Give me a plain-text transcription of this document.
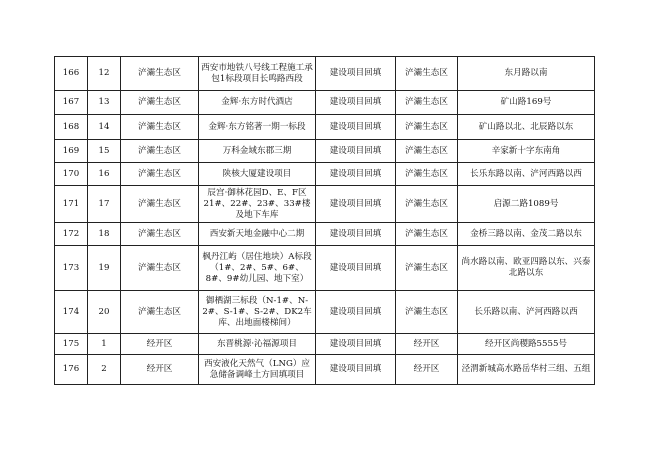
166	12	浐灞生态区	西安市地铁八号线工程施工承包1标段项目长鸣路西段	建设项目回填	浐灞生态区	东月路以南
167	13	浐灞生态区	金辉·东方时代酒店	建设项目回填	浐灞生态区	矿山路169号
168	14	浐灞生态区	金辉·东方铭著一期一标段	建设项目回填	浐灞生态区	矿山路以北、北辰路以东
169	15	浐灞生态区	万科金域东郡三期	建设项目回填	浐灞生态区	辛家新十字东南角
170	16	浐灞生态区	陕核大厦建设项目	建设项目回填	浐灞生态区	长乐东路以南、浐河西路以西
171	17	浐灞生态区	辰宫·御林花园D、E、F区21#、22#、23#、33#楼及地下车库	建设项目回填	浐灞生态区	启源二路1089号
172	18	浐灞生态区	西安新天地金融中心二期	建设项目回填	浐灞生态区	金桥三路以南、金茂二路以东
173	19	浐灞生态区	枫丹江屿（居住地块）A标段（1#、2#、5#、6#、8#、9#幼儿园、地下室）	建设项目回填	浐灞生态区	尚水路以南、欧亚四路以东、兴泰北路以东
174	20	浐灞生态区	御栖湖三标段（N-1#、N-2#、S-1#、S-2#、DK2车库、出地面楼梯间）	建设项目回填	浐灞生态区	长乐路以南、浐河西路以西
175	1	经开区	东晋桃源·沁福源项目	建设项目回填	经开区	经开区尚稷路5555号
176	2	经开区	西安液化天然气（LNG）应急储备调峰土方回填项目	建设项目回填	经开区	泾渭新城高水路岳华村三组、五组
